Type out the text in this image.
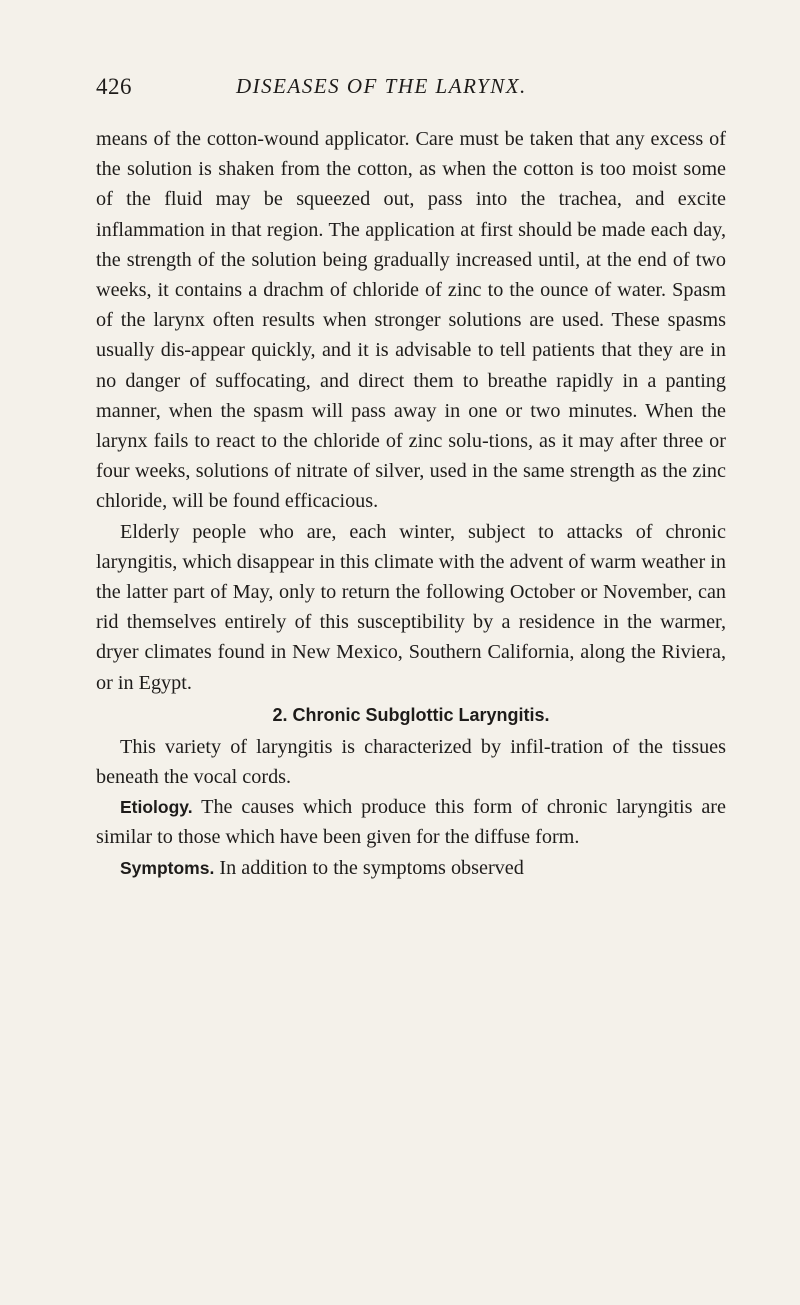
426	DISEASES OF THE LARYNX.

means of the cotton-wound applicator. Care must be taken that any excess of the solution is shaken from the cotton, as when the cotton is too moist some of the fluid may be squeezed out, pass into the trachea, and excite inflammation in that region. The application at first should be made each day, the strength of the solution being gradually increased until, at the end of two weeks, it contains a drachm of chloride of zinc to the ounce of water. Spasm of the larynx often results when stronger solutions are used. These spasms usually dis-appear quickly, and it is advisable to tell patients that they are in no danger of suffocating, and direct them to breathe rapidly in a panting manner, when the spasm will pass away in one or two minutes. When the larynx fails to react to the chloride of zinc solu-tions, as it may after three or four weeks, solutions of nitrate of silver, used in the same strength as the zinc chloride, will be found efficacious.

Elderly people who are, each winter, subject to attacks of chronic laryngitis, which disappear in this climate with the advent of warm weather in the latter part of May, only to return the following October or November, can rid themselves entirely of this susceptibility by a residence in the warmer, dryer climates found in New Mexico, Southern California, along the Riviera, or in Egypt.

2. Chronic Subglottic Laryngitis.

This variety of laryngitis is characterized by infil-tration of the tissues beneath the vocal cords.

Etiology. The causes which produce this form of chronic laryngitis are similar to those which have been given for the diffuse form.

Symptoms. In addition to the symptoms observed
